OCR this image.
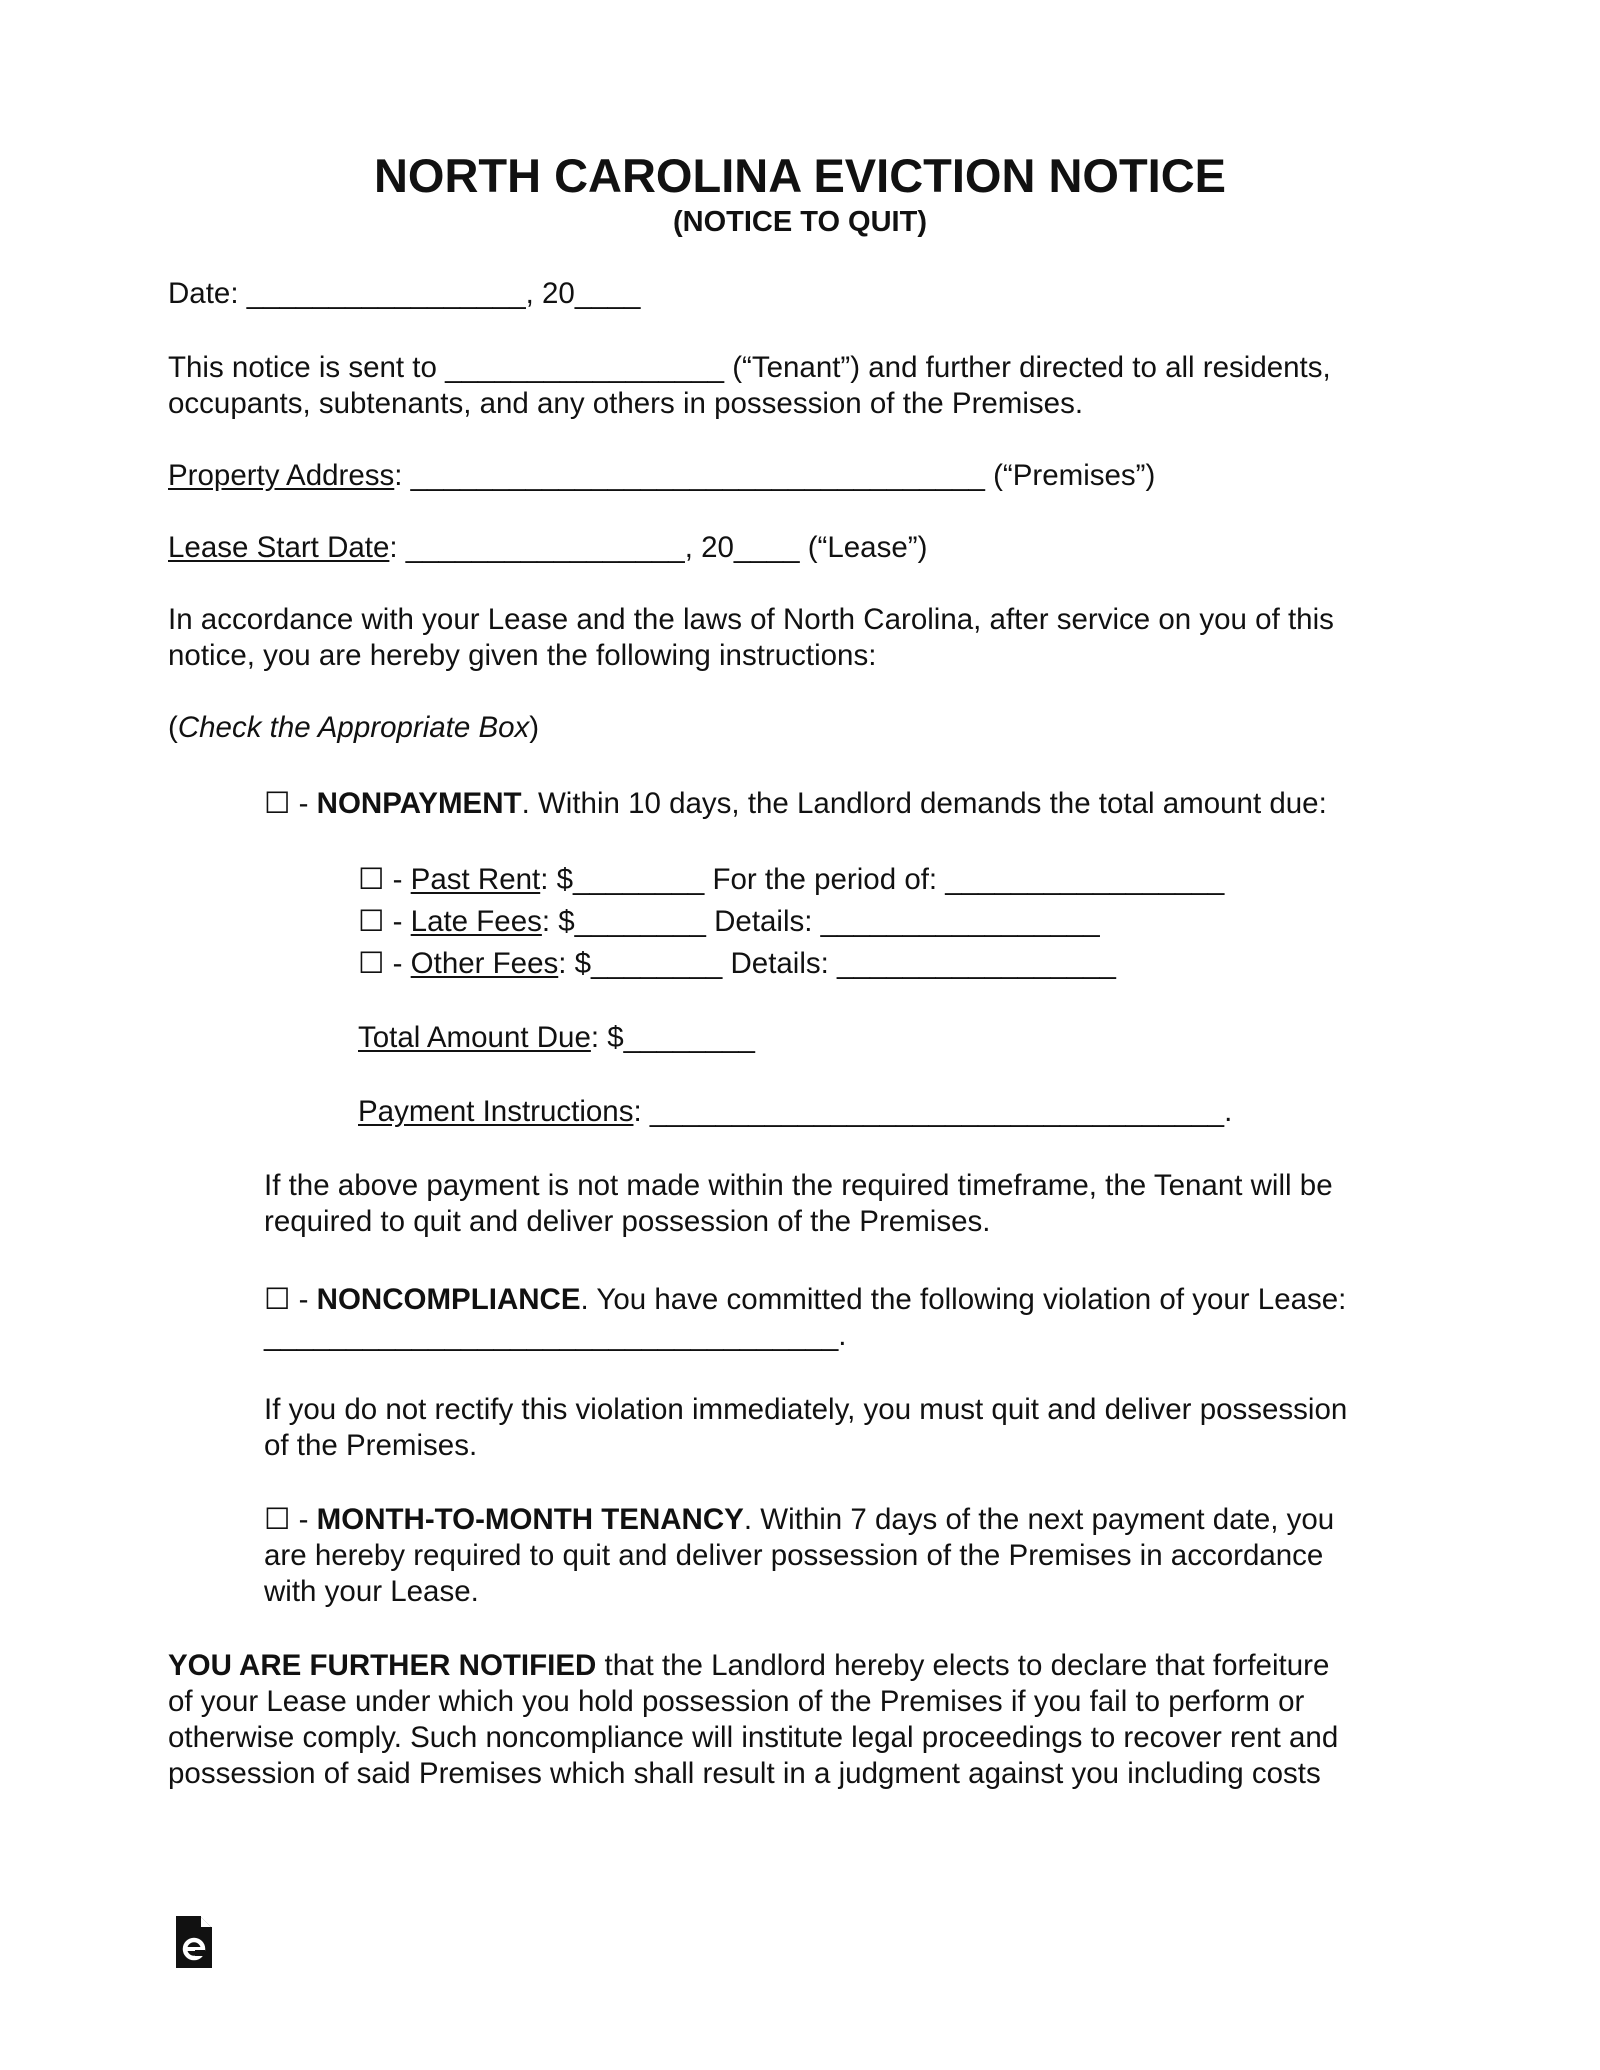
NORTH CAROLINA EVICTION NOTICE
(NOTICE TO QUIT)
Date: _________________, 20____
This notice is sent to _________________ (“Tenant”) and further directed to all residents,
occupants, subtenants, and any others in possession of the Premises.
Property Address: ___________________________________ (“Premises”)
Lease Start Date: _________________, 20____ (“Lease”)
In accordance with your Lease and the laws of North Carolina, after service on you of this
notice, you are hereby given the following instructions:
(Check the Appropriate Box)
☐ - NONPAYMENT. Within 10 days, the Landlord demands the total amount due:
☐ - Past Rent: $________ For the period of: _________________
☐ - Late Fees: $________ Details: _________________
☐ - Other Fees: $________ Details: _________________
Total Amount Due: $________
Payment Instructions: ___________________________________.
If the above payment is not made within the required timeframe, the Tenant will be
required to quit and deliver possession of the Premises.
☐ - NONCOMPLIANCE. You have committed the following violation of your Lease:
___________________________________.
If you do not rectify this violation immediately, you must quit and deliver possession
of the Premises.
☐ - MONTH-TO-MONTH TENANCY. Within 7 days of the next payment date, you
are hereby required to quit and deliver possession of the Premises in accordance
with your Lease.
YOU ARE FURTHER NOTIFIED that the Landlord hereby elects to declare that forfeiture
of your Lease under which you hold possession of the Premises if you fail to perform or
otherwise comply. Such noncompliance will institute legal proceedings to recover rent and
possession of said Premises which shall result in a judgment against you including costs
